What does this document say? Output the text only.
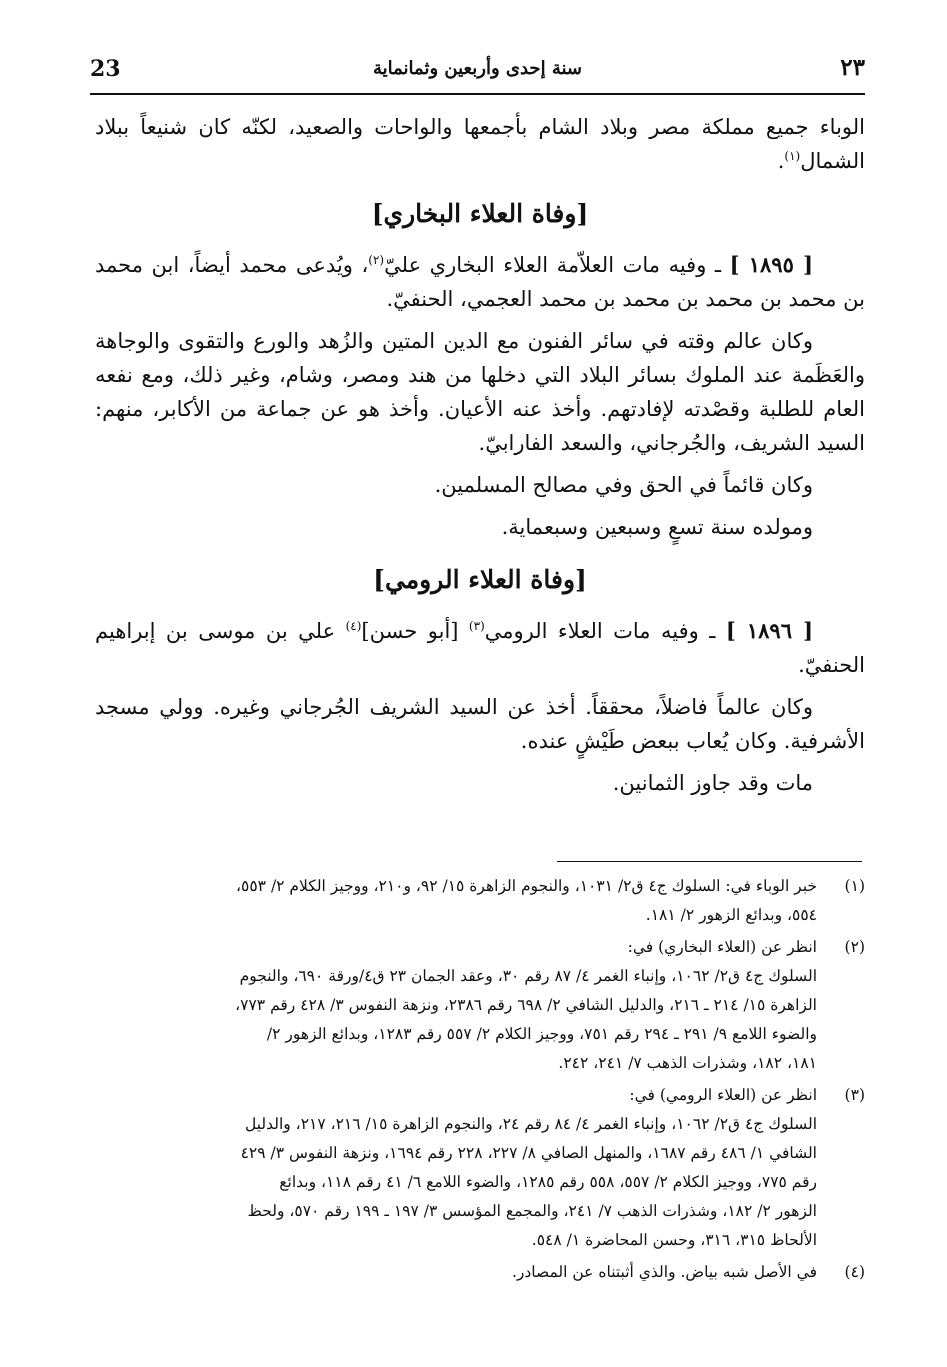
٢٣
سنة إحدى وأربعين وثمانماية
23

الوباء جميع مملكة مصر وبلاد الشام بأجمعها والواحات والصعيد، لكنّه كان شنيعاً ببلاد الشمال$^{(١)}$.

[وفاة العلاء البخاري]

[ ١٨٩٥ ] ـ وفيه مات العلاّمة العلاء البخاري عليّ$^{(٢)}$، ويُدعى محمد أيضاً، ابن محمد بن محمد بن محمد بن محمد بن محمد العجمي، الحنفيّ.

وكان عالم وقته في سائر الفنون مع الدين المتين والزُهد والورع والتقوى والوجاهة والعَظَمة عند الملوك بسائر البلاد التي دخلها من هند ومصر، وشام، وغير ذلك، ومع نفعه العام للطلبة وقصْدته لإفادتهم. وأخذ عنه الأعيان. وأخذ هو عن جماعة من الأكابر، منهم: السيد الشريف، والجُرجاني، والسعد الفارابيّ.

وكان قائماً في الحق وفي مصالح المسلمين.

ومولده سنة تسعٍ وسبعين وسبعماية.

[وفاة العلاء الرومي]

[ ١٨٩٦ ] ـ وفيه مات العلاء الرومي$^{(٣)}$ [أبو حسن]$^{(٤)}$ علي بن موسى بن إبراهيم الحنفيّ.

وكان عالماً فاضلاً، محققاً. أخذ عن السيد الشريف الجُرجاني وغيره. وولي مسجد الأشرفية. وكان يُعاب ببعض طَيْشٍ عنده.

مات وقد جاوز الثمانين.

(١)
خبر الوباء في: السلوك ج٤ ق٢/ ١٠٣١، والنجوم الزاهرة ١٥/ ٩٢، و٢١٠، ووجيز الكلام ٢/ ٥٥٣،
٥٥٤، وبدائع الزهور ٢/ ١٨١.
(٢)
انظر عن (العلاء البخاري) في:
السلوك ج٤ ق٢/ ١٠٦٢، وإنباء الغمر ٤/ ٨٧ رقم ٣٠، وعقد الجمان ٢٣ ق٤/ورقة ٦٩٠، والنجوم
الزاهرة ١٥/ ٢١٤ ـ ٢١٦، والدليل الشافي ٢/ ٦٩٨ رقم ٢٣٨٦، ونزهة النفوس ٣/ ٤٢٨ رقم ٧٧٣،
والضوء اللامع ٩/ ٢٩١ ـ ٢٩٤ رقم ٧٥١، ووجيز الكلام ٢/ ٥٥٧ رقم ١٢٨٣، وبدائع الزهور ٢/
١٨١، ١٨٢، وشذرات الذهب ٧/ ٢٤١، ٢٤٢.
(٣)
انظر عن (العلاء الرومي) في:
السلوك ج٤ ق٢/ ١٠٦٢، وإنباء الغمر ٤/ ٨٤ رقم ٢٤، والنجوم الزاهرة ١٥/ ٢١٦، ٢١٧، والدليل
الشافي ١/ ٤٨٦ رقم ١٦٨٧، والمنهل الصافي ٨/ ٢٢٧، ٢٢٨ رقم ١٦٩٤، ونزهة النفوس ٣/ ٤٢٩
رقم ٧٧٥، ووجيز الكلام ٢/ ٥٥٧، ٥٥٨ رقم ١٢٨٥، والضوء اللامع ٦/ ٤١ رقم ١١٨، وبدائع
الزهور ٢/ ١٨٢، وشذرات الذهب ٧/ ٢٤١، والمجمع المؤسس ٣/ ١٩٧ ـ ١٩٩ رقم ٥٧٠، ولحظ
الألحاظ ٣١٥، ٣١٦، وحسن المحاضرة ١/ ٥٤٨.
(٤)
في الأصل شبه بياض. والذي أثبتناه عن المصادر.
